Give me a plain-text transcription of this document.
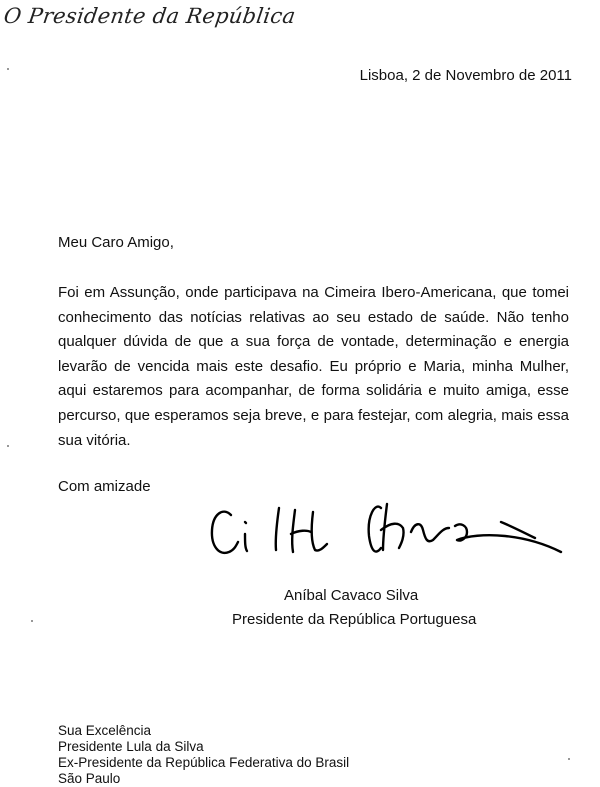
O Presidente da República
Lisboa, 2 de Novembro de 2011
Meu Caro Amigo,
Foi em Assunção, onde participava na Cimeira Ibero-Americana, que tomei conhecimento das notícias relativas ao seu estado de saúde. Não tenho qualquer dúvida de que a sua força de vontade, determinação e energia levarão de vencida mais este desafio. Eu próprio e Maria, minha Mulher, aqui estaremos para acompanhar, de forma solidária e muito amiga, esse percurso, que esperamos seja breve, e para festejar, com alegria, mais essa sua vitória.
Com amizade
Aníbal Cavaco Silva
Presidente da República Portuguesa
Sua Excelência
Presidente Lula da Silva
Ex-Presidente da República Federativa do Brasil
São Paulo
